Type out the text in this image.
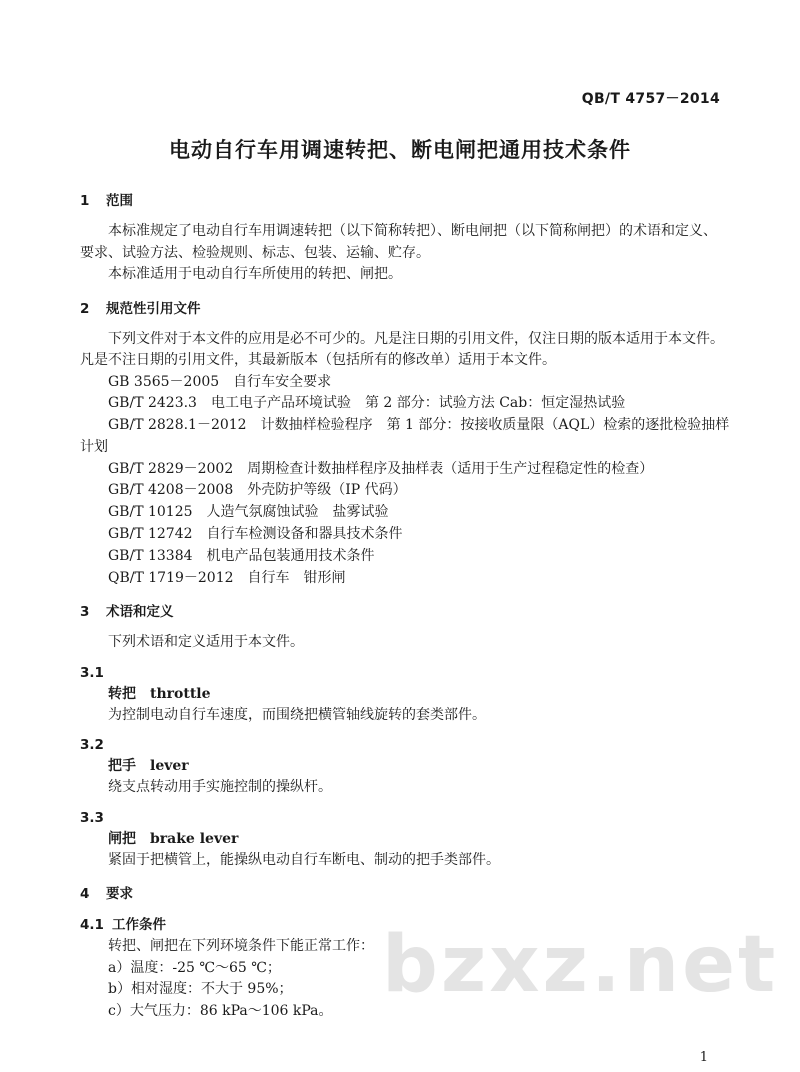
QB/T 4757－2014
电动自行车用调速转把、断电闸把通用技术条件

1 范围

本标准规定了电动自行车用调速转把（以下简称转把）、断电闸把（以下简称闸把）的术语和定义、要求、试验方法、检验规则、标志、包装、运输、贮存。

本标准适用于电动自行车所使用的转把、闸把。

2 规范性引用文件

下列文件对于本文件的应用是必不可少的。凡是注日期的引用文件，仅注日期的版本适用于本文件。凡是不注日期的引用文件，其最新版本（包括所有的修改单）适用于本文件。

GB 3565－2005　自行车安全要求

GB/T 2423.3　电工电子产品环境试验　第 2 部分：试验方法 Cab：恒定湿热试验

GB/T 2828.1－2012　计数抽样检验程序　第 1 部分：按接收质量限（AQL）检索的逐批检验抽样计划

GB/T 2829－2002　周期检查计数抽样程序及抽样表（适用于生产过程稳定性的检查）

GB/T 4208－2008　外壳防护等级（IP 代码）

GB/T 10125　人造气氛腐蚀试验　盐雾试验

GB/T 12742　自行车检测设备和器具技术条件

GB/T 13384　机电产品包装通用技术条件

QB/T 1719－2012　自行车　钳形闸

3 术语和定义

下列术语和定义适用于本文件。

3.1

转把　throttle

为控制电动自行车速度，而围绕把横管轴线旋转的套类部件。

3.2

把手　lever

绕支点转动用手实施控制的操纵杆。

3.3

闸把　brake lever

紧固于把横管上，能操纵电动自行车断电、制动的把手类部件。

4 要求

4.1 工作条件

转把、闸把在下列环境条件下能正常工作：

a）温度：-25 ℃～65 ℃；

b）相对湿度：不大于 95%；

c）大气压力：86 kPa～106 kPa。

bzxz.net
1
